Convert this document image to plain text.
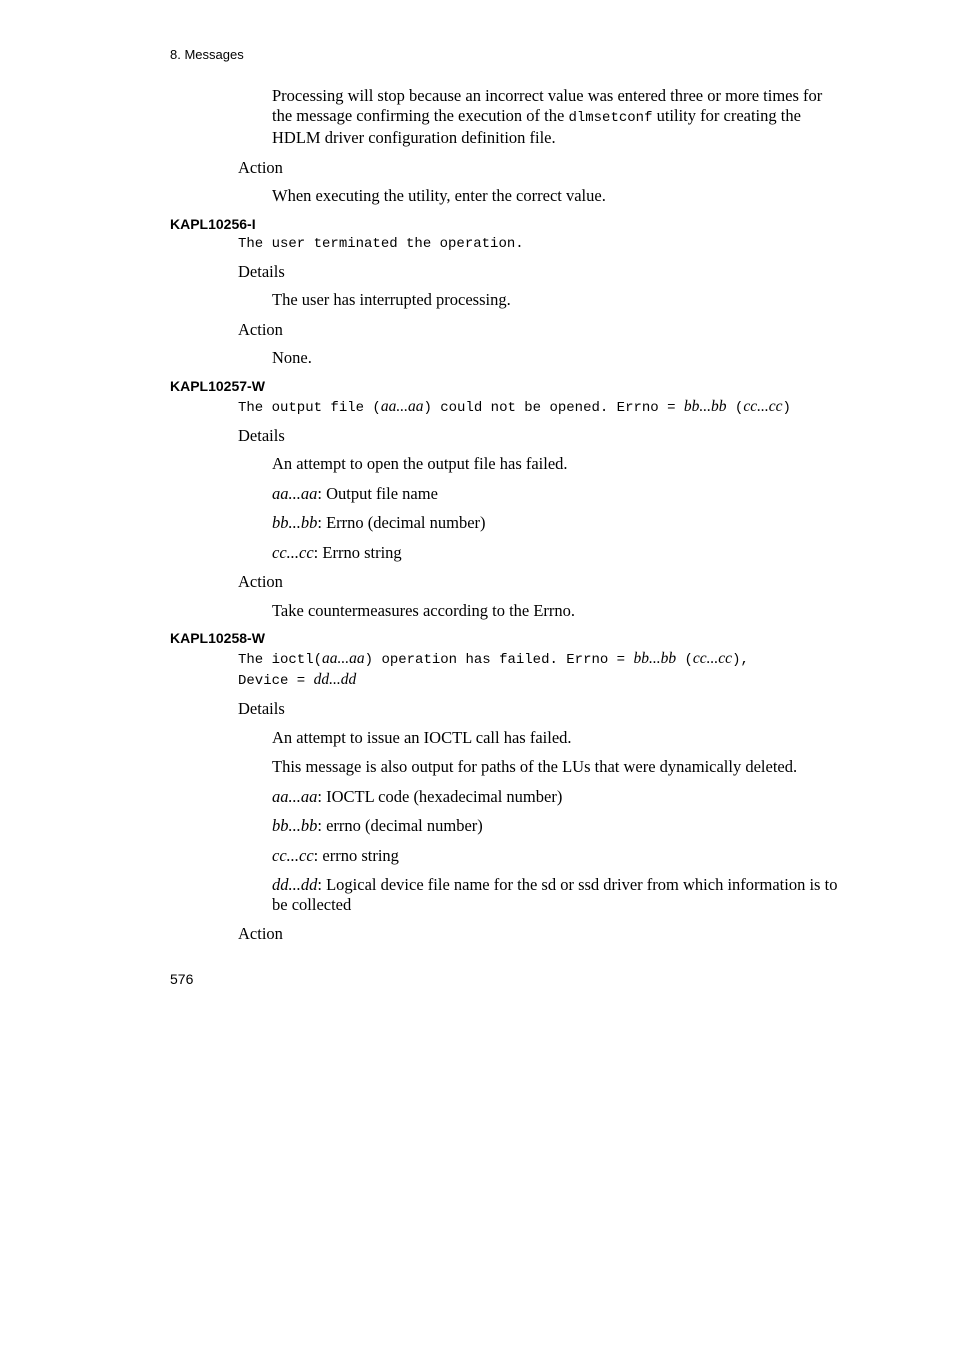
8. Messages

Processing will stop because an incorrect value was entered three or more times for the message confirming the execution of the dlmsetconf utility for creating the HDLM driver configuration definition file.

Action

When executing the utility, enter the correct value.

KAPL10256-I
The user terminated the operation.
Details

The user has interrupted processing.

Action

None.

KAPL10257-W
The output file (aa...aa) could not be opened. Errno = bb...bb (cc...cc)
Details

An attempt to open the output file has failed.

aa...aa: Output file name

bb...bb: Errno (decimal number)

cc...cc: Errno string

Action

Take countermeasures according to the Errno.

KAPL10258-W
The ioctl(aa...aa) operation has failed. Errno = bb...bb (cc...cc),
Device = dd...dd
Details

An attempt to issue an IOCTL call has failed.

This message is also output for paths of the LUs that were dynamically deleted.

aa...aa: IOCTL code (hexadecimal number)

bb...bb: errno (decimal number)

cc...cc: errno string

dd...dd: Logical device file name for the sd or ssd driver from which information is to be collected

Action
576
